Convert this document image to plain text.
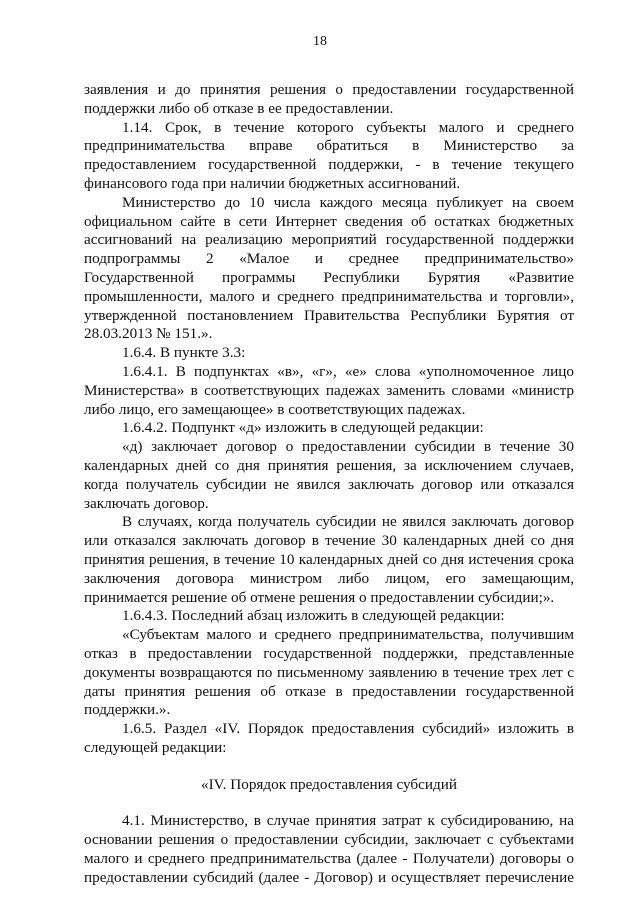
18

заявления и до принятия решения о предоставлении государственной поддержки либо об отказе в ее предоставлении.

1.14. Срок, в течение которого субъекты малого и среднего предпринимательства вправе обратиться в Министерство за предоставлением государственной поддержки, - в течение текущего финансового года при наличии бюджетных ассигнований.

Министерство до 10 числа каждого месяца публикует на своем официальном сайте в сети Интернет сведения об остатках бюджетных ассигнований на реализацию мероприятий государственной поддержки подпрограммы 2 «Малое и среднее предпринимательство» Государственной программы Республики Бурятия «Развитие промышленности, малого и среднего предпринимательства и торговли», утвержденной постановлением Правительства Республики Бурятия от 28.03.2013 № 151.».

1.6.4. В пункте 3.3:

1.6.4.1. В подпунктах «в», «г», «е» слова «уполномоченное лицо Министерства» в соответствующих падежах заменить словами «министр либо лицо, его замещающее» в соответствующих падежах.

1.6.4.2. Подпункт «д» изложить в следующей редакции:

«д) заключает договор о предоставлении субсидии в течение 30 календарных дней со дня принятия решения, за исключением случаев, когда получатель субсидии не явился заключать договор или отказался заключать договор.

В случаях, когда получатель субсидии не явился заключать договор или отказался заключать договор в течение 30 календарных дней со дня принятия решения, в течение 10 календарных дней со дня истечения срока заключения договора министром либо лицом, его замещающим, принимается решение об отмене решения о предоставлении субсидии;».

1.6.4.3. Последний абзац изложить в следующей редакции:

«Субъектам малого и среднего предпринимательства, получившим отказ в предоставлении государственной поддержки, представленные документы возвращаются по письменному заявлению в течение трех лет с даты принятия решения об отказе в предоставлении государственной поддержки.».

1.6.5. Раздел «IV. Порядок предоставления субсидий» изложить в следующей редакции:

«IV. Порядок предоставления субсидий

4.1. Министерство, в случае принятия затрат к субсидированию, на основании решения о предоставлении субсидии, заключает с субъектами малого и среднего предпринимательства (далее - Получатели) договоры о предоставлении субсидий (далее - Договор) и осуществляет перечисление
